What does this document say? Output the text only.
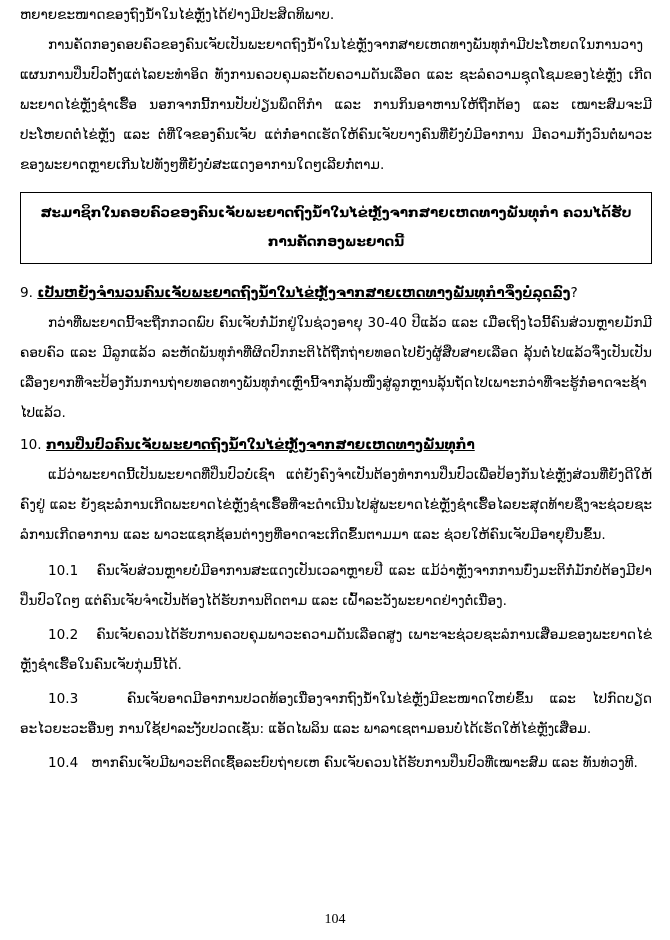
ຫຍາຍຂະໜາດຂອງຖົງນໍ້າໃນໄຂ່ຫຼັງໄດ້ຢ່າງມີປະສິດທິພາບ.

ການຄັດກອງຄອບຄົວຂອງຄົນເຈັບເປັນພະຍາດຖົງນໍ້າໃນໄຂ່ຫຼັງຈາກສາຍເຫດທາງພັນທຸກໍາມີປະໂຫຍດໃນການວາງແຜນການປິ່ນປົວຕັ້ງແຕ່ໄລຍະທໍາອິດ ທັງການຄວບຄຸມລະດັບຄວາມດັນເລືອດ ແລະ ຊະລໍຄວາມຊຸດໂຊມຂອງໄຂ່ຫຼັງ ເກີດພະຍາດໄຂ່ຫຼັງຊໍາເຮື້ອ ນອກຈາກນີ້ການປັບປ່ຽນພຶດຕິກໍາ ແລະ ການກິນອາຫານໃຫ້ຖືກຕ້ອງ ແລະ ເໝາະສົມຈະມີປະໂຫຍດຕໍ່ໄຂ່ຫຼັງ ແລະ ຕໍ່ທີ່ໃຈຂອງຄົນເຈັບ ແຕ່ກໍ່ອາດເຮັດໃຫ້ຄົນເຈັບບາງຄົນທີ່ຍັງບໍ່ມີອາການ ມີຄວາມກັງວົນຕໍ່ພາວະຂອງພະຍາດຫຼາຍເກີນໄປທັງໆທີ່ຍັງບໍ່ສະແດງອາການໃດໆເລີຍກໍ່ຕາມ.

ສະມາຊິກໃນຄອບຄົວຂອງຄົນເຈັບພະຍາດຖົງນໍ້າໃນໄຂ່ຫຼັງຈາກສາຍເຫດທາງພັນທຸກໍາ ຄວນໄດ້ຮັບການຄັດກອງພະຍາດນີ້
9. ເປັນຫຍັງຈໍານວນຄົນເຈັບພະຍາດຖົງນໍ້າໃນໄຂ່ຫຼັງຈາກສາຍເຫດທາງພັນທຸກໍາຈຶ່ງບໍ່ລຸດລົງ?

ກວ່າທີ່ພະຍາດນີ້ຈະຖືກກວດພົບ ຄົນເຈັບກໍ່ມັກຢູ່ໃນຊ່ວງອາຍຸ 30-40 ປີແລ້ວ ແລະ ເມື່ອເຖິງໄວນີ້ຄົນສ່ວນຫຼາຍມັກມີຄອບຄົວ ແລະ ມີລູກແລ້ວ ລະຫັດພັນທຸກໍາທີ່ຜິດປົກກະຕິໄດ້ຖືກຖ່າຍທອດໄປຍັງຜູ້ສືບສາຍເລືອດ ລຸ້ນຕໍ່ໄປແລ້ວຈຶ່ງເປັນເປັນເລື່ອງຍາກທີ່ຈະປ້ອງກັນການຖ່າຍທອດທາງພັນທຸກໍາເຫຼົ່ານີ້ຈາກລຸ້ນໜຶ່ງສູ່ລູກຫຼານລຸ້ນຖັດໄປເພາະກວ່າທີ່ຈະຮູ້ກໍ່ອາດຈະຊ້າໄປແລ້ວ.

10. ການປິ່ນປົວຄົນເຈັບພະຍາດຖົງນໍ້າໃນໄຂ່ຫຼັງຈາກສາຍເຫດທາງພັນທຸກໍາ

ແມ້ວ່າພະຍາດນີ້ເປັນພະຍາດທີ່ປິ່ນປົວບໍ່ເຊົາ ແຕ່ຍັງຄົງຈໍາເປັນຕ້ອງທໍາການປິ່ນປົວເພື່ອປ້ອງກັນໄຂ່ຫຼັງສ່ວນທີ່ຍັງດີໃຫ້ຄົງຢູ່ ແລະ ຍັງຊະລໍການເກີດພະຍາດໄຂ່ຫຼັງຊໍາເຮື້ອທີ່ຈະດໍາເນີນໄປສູ່ພະຍາດໄຂ່ຫຼັງຊໍາເຮື້ອໄລຍະສຸດທ້າຍຊຶ່ງຈະຊ່ວຍຊະລໍການເກີດອາການ ແລະ ພາວະແຊກຊ້ອນຕ່າງໆທີ່ອາດຈະເກີດຂຶ້ນຕາມມາ ແລະ ຊ່ວຍໃຫ້ຄົນເຈັບມີອາຍຸຍືນຂຶ້ນ.

10.1 ຄົນເຈັບສ່ວນຫຼາຍບໍ່ມີອາການສະແດງເປັນເວລາຫຼາຍປີ ແລະ ແມ້ວ່າຫຼັງຈາກການບົ່ງມະຕິກໍ່ມັກບໍ່ຕ້ອງມີຢາປິ່ນປົວໃດໆ ແຕ່ຄົນເຈັບຈໍາເປັນຕ້ອງໄດ້ຮັບການຕິດຕາມ ແລະ ເຝົ້າລະວັງພະຍາດຢ່າງຕໍ່ເນື່ອງ.

10.2 ຄົນເຈັບຄວນໄດ້ຮັບການຄວບຄຸມພາວະຄວາມດັນເລືອດສູງ ເພາະຈະຊ່ວຍຊະລໍການເສື່ອມຂອງພະຍາດໄຂ່ຫຼັງຊໍາເຮື້ອໃນຄົນເຈັບກຸ່ມນີ້ໄດ້.

10.3	ຄົນເຈັບອາດມີອາການປວດທ້ອງເນື່ອງຈາກຖົງນໍ້າໃນໄຂ່ຫຼັງມີຂະໜາດໃຫຍ່ຂຶ້ນ ແລະ ໄປກົດບຽດອະໄວຍະວະອື່ນໆ ການໃຊ້ຢາລະງັບປວດເຊັ່ນ: ແອັດໄພລິນ ແລະ ພາລາເຊຕາມອນບໍ່ໄດ້ເຮັດໃຫ້ໄຂ່ຫຼັງເສື່ອມ.

10.4 ຫາກຄົນເຈັບມີພາວະຕິດເຊື້ອລະບົບຖ່າຍເຫ ຄົນເຈັບຄວນໄດ້ຮັບການປິ່ນປົວທີ່ເໝາະສົມ ແລະ ທັນທ່ວງທີ.

104
